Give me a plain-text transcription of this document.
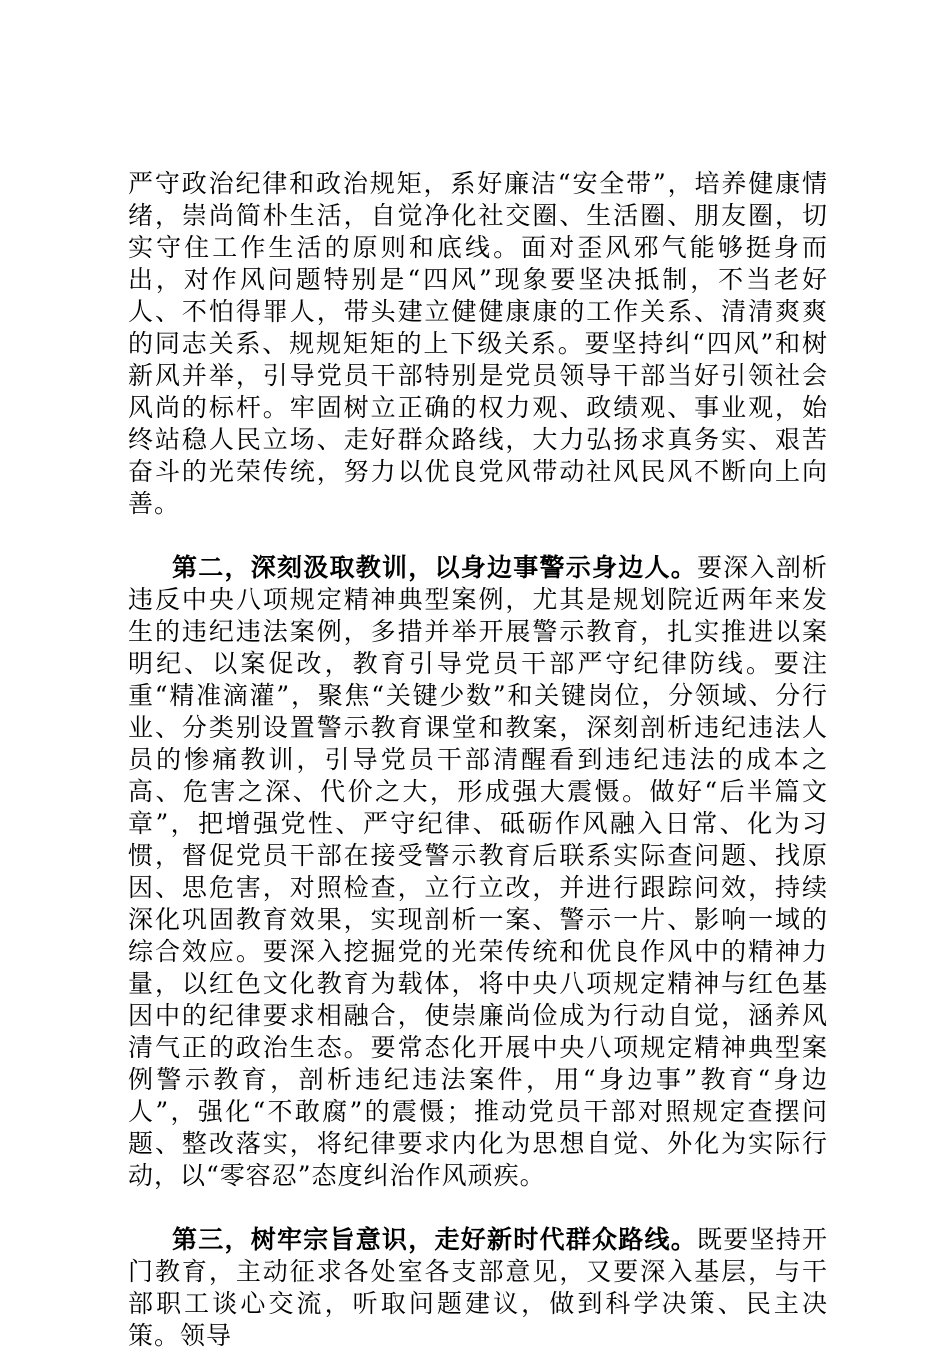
严守政治纪律和政治规矩，系好廉洁“安全带”，培养健康情绪，崇尚简朴生活，自觉净化社交圈、生活圈、朋友圈，切实守住工作生活的原则和底线。面对歪风邪气能够挺身而出，对作风问题特别是“四风”现象要坚决抵制，不当老好人、不怕得罪人，带头建立健健康康的工作关系、清清爽爽的同志关系、规规矩矩的上下级关系。要坚持纠“四风”和树新风并举，引导党员干部特别是党员领导干部当好引领社会风尚的标杆。牢固树立正确的权力观、政绩观、事业观，始终站稳人民立场、走好群众路线，大力弘扬求真务实、艰苦奋斗的光荣传统，努力以优良党风带动社风民风不断向上向善。

第二，深刻汲取教训，以身边事警示身边人。要深入剖析违反中央八项规定精神典型案例，尤其是规划院近两年来发生的违纪违法案例，多措并举开展警示教育，扎实推进以案明纪、以案促改，教育引导党员干部严守纪律防线。要注重“精准滴灌”，聚焦“关键少数”和关键岗位，分领域、分行业、分类别设置警示教育课堂和教案，深刻剖析违纪违法人员的惨痛教训，引导党员干部清醒看到违纪违法的成本之高、危害之深、代价之大，形成强大震慑。做好“后半篇文章”，把增强党性、严守纪律、砥砺作风融入日常、化为习惯，督促党员干部在接受警示教育后联系实际查问题、找原因、思危害，对照检查，立行立改，并进行跟踪问效，持续深化巩固教育效果，实现剖析一案、警示一片、影响一域的综合效应。要深入挖掘党的光荣传统和优良作风中的精神力量，以红色文化教育为载体，将中央八项规定精神与红色基因中的纪律要求相融合，使崇廉尚俭成为行动自觉，涵养风清气正的政治生态。要常态化开展中央八项规定精神典型案例警示教育，剖析违纪违法案件，用“身边事”教育“身边人”，强化“不敢腐”的震慑；推动党员干部对照规定查摆问题、整改落实，将纪律要求内化为思想自觉、外化为实际行动，以“零容忍”态度纠治作风顽疾。

第三，树牢宗旨意识，走好新时代群众路线。既要坚持开门教育，主动征求各处室各支部意见，又要深入基层，与干部职工谈心交流，听取问题建议，做到科学决策、民主决策。领导
